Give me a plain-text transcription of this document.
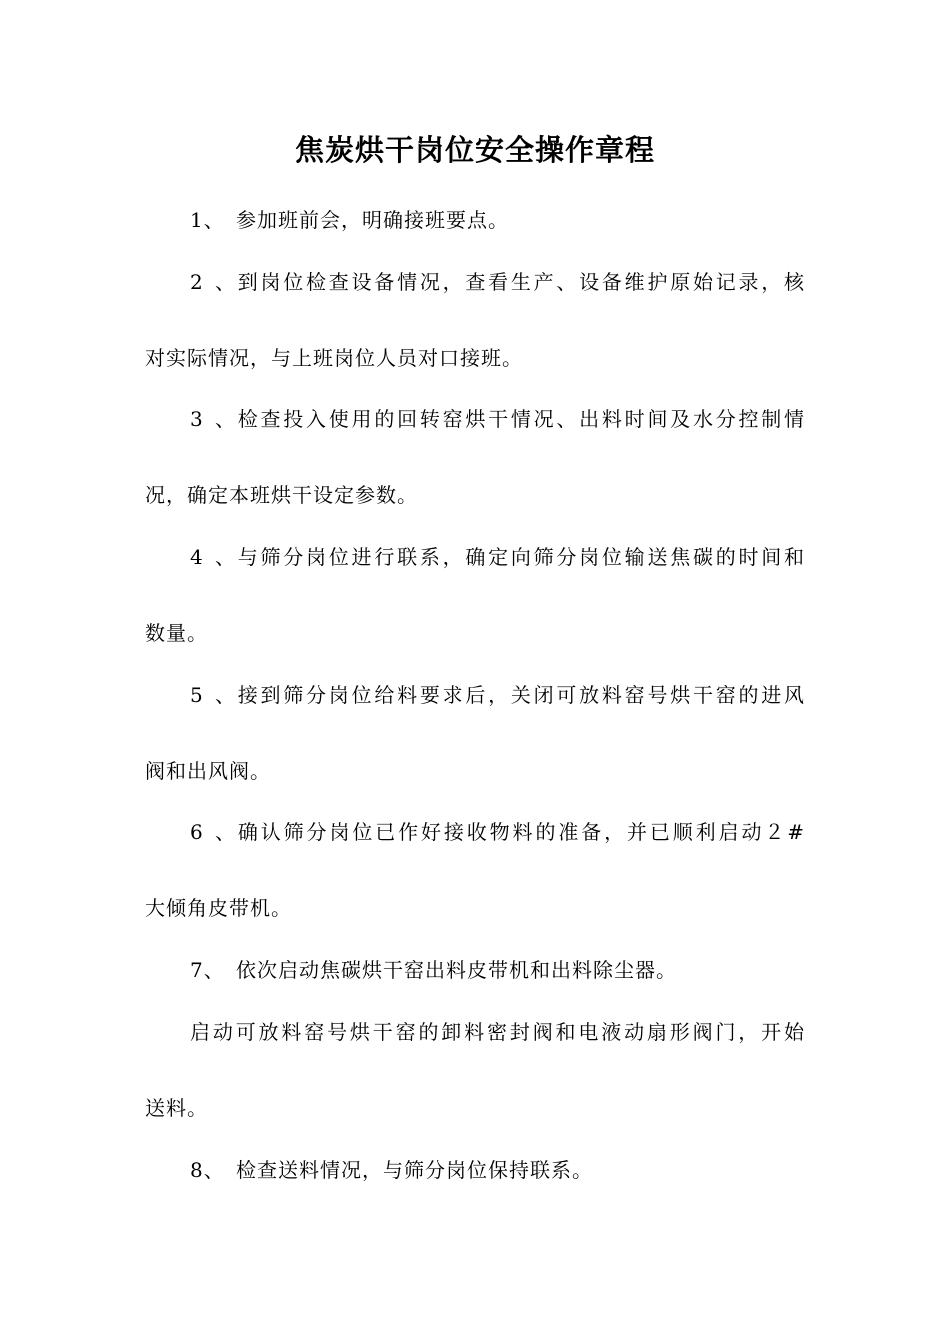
焦炭烘干岗位安全操作章程
1、 参加班前会，明确接班要点。
2、到岗位检查设备情况，查看生产、设备维护原始记录，核
对实际情况，与上班岗位人员对口接班。
3、检查投入使用的回转窑烘干情况、出料时间及水分控制情
况，确定本班烘干设定参数。
4、与筛分岗位进行联系，确定向筛分岗位输送焦碳的时间和
数量。
5、接到筛分岗位给料要求后，关闭可放料窑号烘干窑的进风
阀和出风阀。
6、确认筛分岗位已作好接收物料的准备，并已顺利启动２#
大倾角皮带机。
7、 依次启动焦碳烘干窑出料皮带机和出料除尘器。
启动可放料窑号烘干窑的卸料密封阀和电液动扇形阀门，开始
送料。
8、 检查送料情况，与筛分岗位保持联系。
